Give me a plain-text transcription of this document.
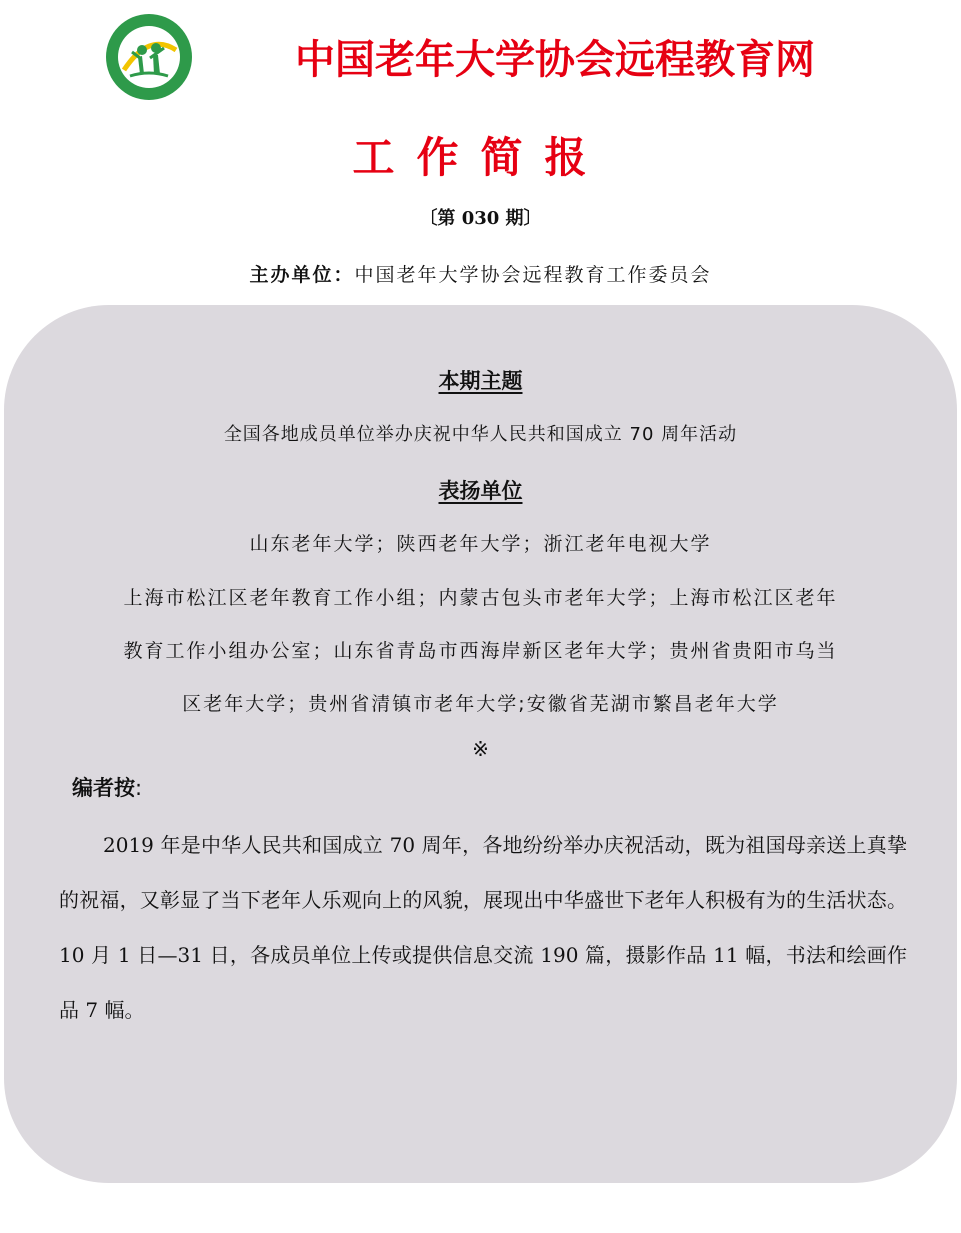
中国老年大学协会远程教育网
工作简报
〔第 030 期〕
主办单位：中国老年大学协会远程教育工作委员会
本期主题
全国各地成员单位举办庆祝中华人民共和国成立 70 周年活动
表扬单位
山东老年大学；陕西老年大学；浙江老年电视大学
上海市松江区老年教育工作小组；内蒙古包头市老年大学；上海市松江区老年
教育工作小组办公室；山东省青岛市西海岸新区老年大学；贵州省贵阳市乌当
区老年大学；贵州省清镇市老年大学;安徽省芜湖市繁昌老年大学
※
编者按:
2019 年是中华人民共和国成立 70 周年，各地纷纷举办庆祝活动，既为祖国母亲送上真挚的祝福，又彰显了当下老年人乐观向上的风貌，展现出中华盛世下老年人积极有为的生活状态。10 月 1 日—31 日，各成员单位上传或提供信息交流 190 篇，摄影作品 11 幅，书法和绘画作品 7 幅。
